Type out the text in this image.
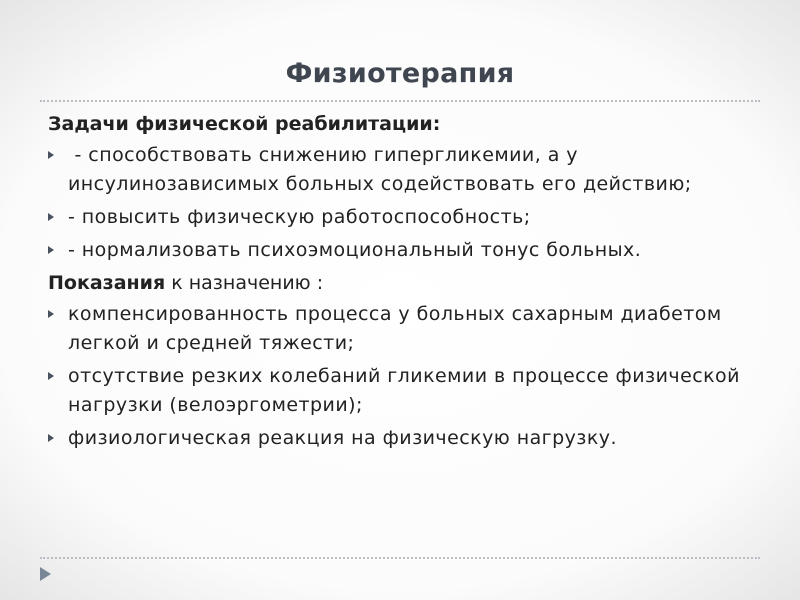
Физиотерапия
Задачи физической реабилитации:
- способствовать снижению гипергликемии, а у инсулинозависимых больных содействовать его действию;
- повысить физическую работоспособность;
- нормализовать психоэмоциональный тонус больных.
Показания к назначению :
компенсированность процесса у больных сахарным диабетом легкой и средней тяжести;
отсутствие резких колебаний гликемии в процессе физической нагрузки (велоэргометрии);
физиологическая реакция на физическую нагрузку.
